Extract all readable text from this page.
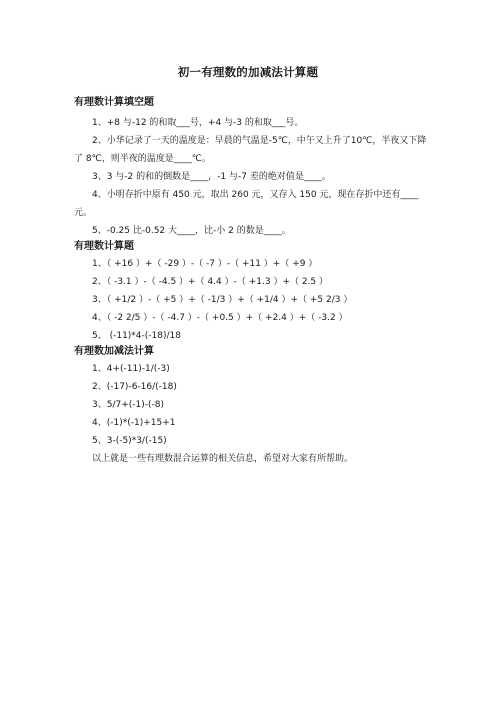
初一有理数的加减法计算题
有理数计算填空题
1、+8 与-12 的和取___号，+4 与-3 的和取___号。
2、小华记录了一天的温度是：早晨的气温是-5℃，中午又上升了10℃，半夜又下降了 8℃，则半夜的温度是____℃。
3、3 与-2 的和的倒数是____，-1 与-7 差的绝对值是____。
4、小明存折中原有 450 元，取出 260 元，又存入 150 元，现在存折中还有____元。
5、-0.25 比-0.52 大____，比-小 2 的数是____。
有理数计算题
1、（ +16 ）+（ -29 ）-（ -7 ）-（ +11 ）+（ +9 ）
2、（ -3.1 ）-（ -4.5 ）+（ 4.4 ）-（ +1.3 ）+（ 2.5 ）
3、（ +1/2 ）-（ +5 ）+（ -1/3 ）+（ +1/4 ）+（ +5 2/3 ）
4、（ -2 2/5 ）-（ -4.7 ）-（ +0.5 ）+（ +2.4 ）+（ -3.2 ）
5、 (-11)*4-(-18)/18
有理数加减法计算
1、4+(-11)-1/(-3)
2、(-17)-6-16/(-18)
3、5/7+(-1)-(-8)
4、(-1)*(-1)+15+1
5、3-(-5)*3/(-15)
以上就是一些有理数混合运算的相关信息，希望对大家有所帮助。
